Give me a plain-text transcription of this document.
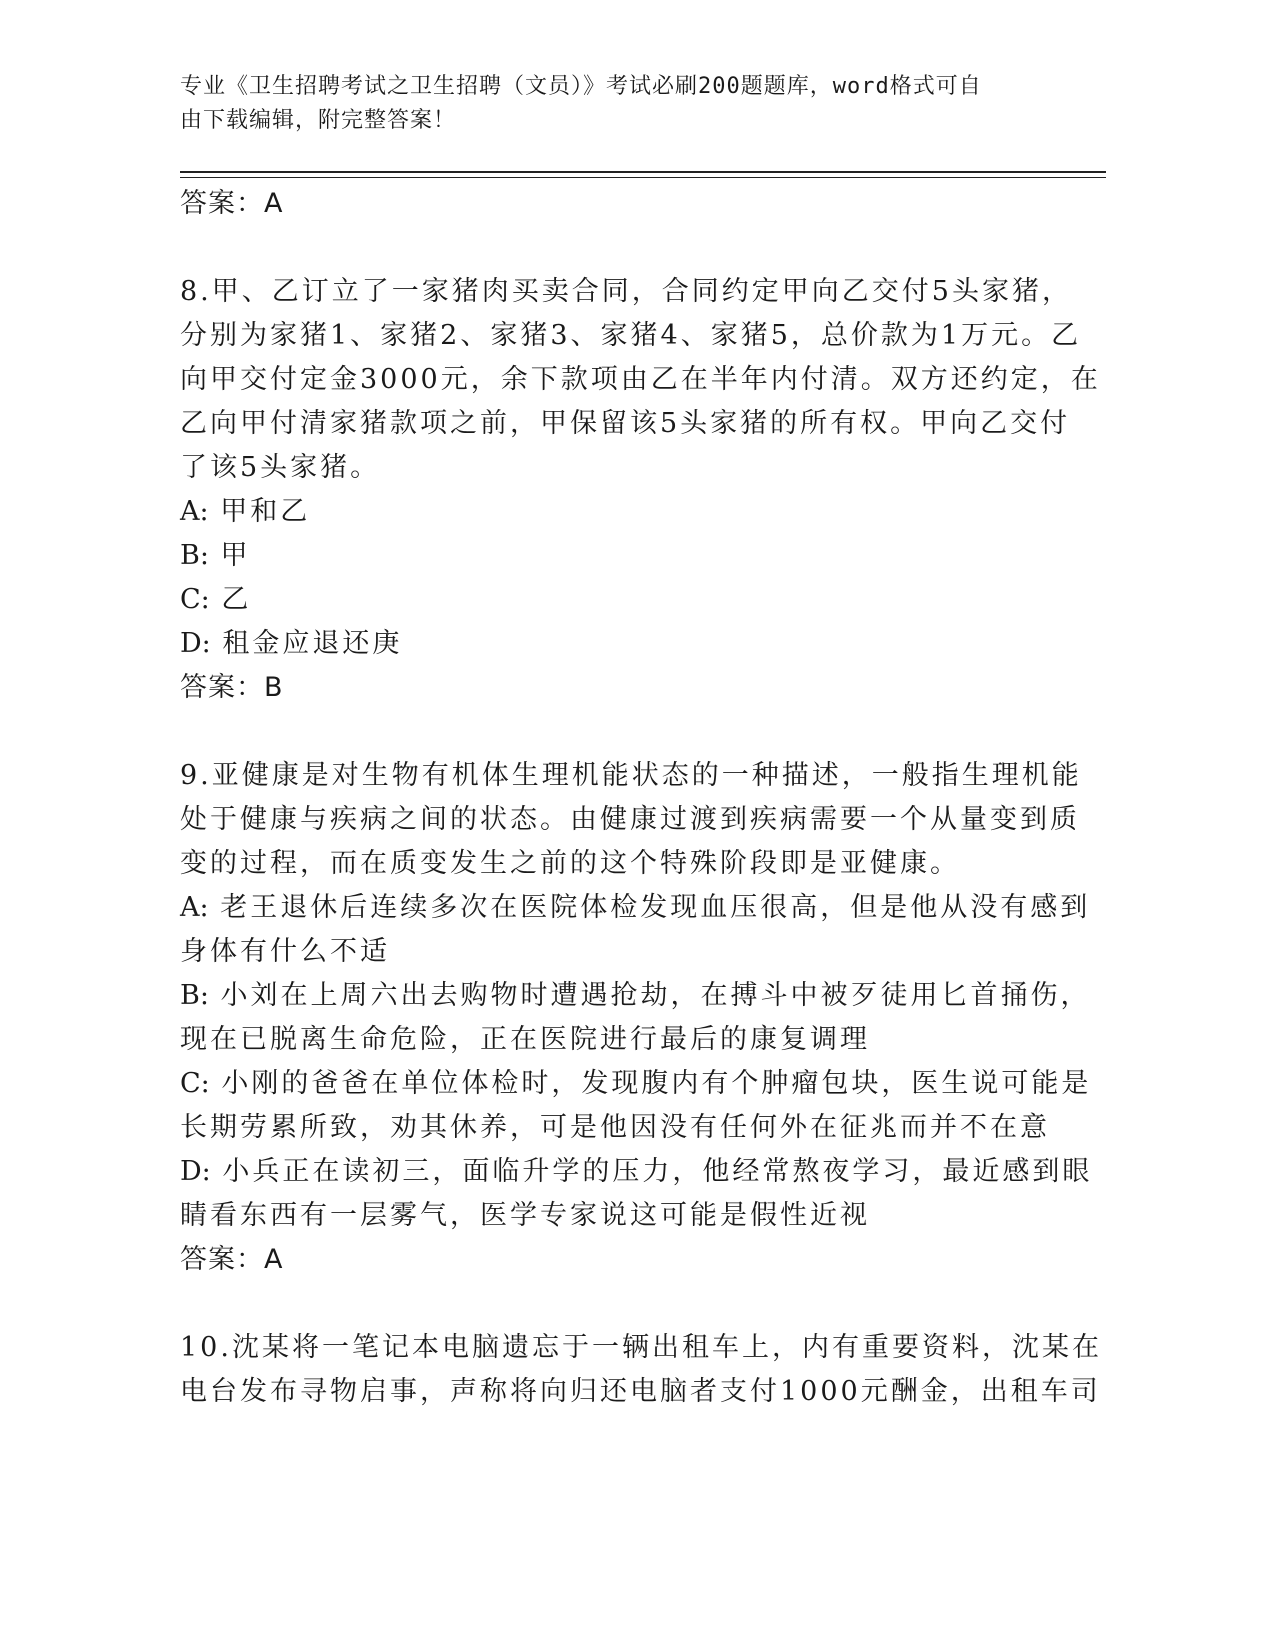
专业《卫生招聘考试之卫生招聘（文员）》考试必刷200题题库，word格式可自
由下载编辑，附完整答案！
答案：A
8.甲、乙订立了一家猪肉买卖合同，合同约定甲向乙交付5头家猪，
分别为家猪1、家猪2、家猪3、家猪4、家猪5，总价款为1万元。乙
向甲交付定金3000元，余下款项由乙在半年内付清。双方还约定，在
乙向甲付清家猪款项之前，甲保留该5头家猪的所有权。甲向乙交付
了该5头家猪。
A: 甲和乙
B: 甲
C: 乙
D: 租金应退还庚
答案：B
9.亚健康是对生物有机体生理机能状态的一种描述，一般指生理机能
处于健康与疾病之间的状态。由健康过渡到疾病需要一个从量变到质
变的过程，而在质变发生之前的这个特殊阶段即是亚健康。
A: 老王退休后连续多次在医院体检发现血压很高，但是他从没有感到
身体有什么不适
B: 小刘在上周六出去购物时遭遇抢劫，在搏斗中被歹徒用匕首捅伤，
现在已脱离生命危险，正在医院进行最后的康复调理
C: 小刚的爸爸在单位体检时，发现腹内有个肿瘤包块，医生说可能是
长期劳累所致，劝其休养，可是他因没有任何外在征兆而并不在意
D: 小兵正在读初三，面临升学的压力，他经常熬夜学习，最近感到眼
睛看东西有一层雾气，医学专家说这可能是假性近视
答案：A
10.沈某将一笔记本电脑遗忘于一辆出租车上，内有重要资料，沈某在
电台发布寻物启事，声称将向归还电脑者支付1000元酬金，出租车司
